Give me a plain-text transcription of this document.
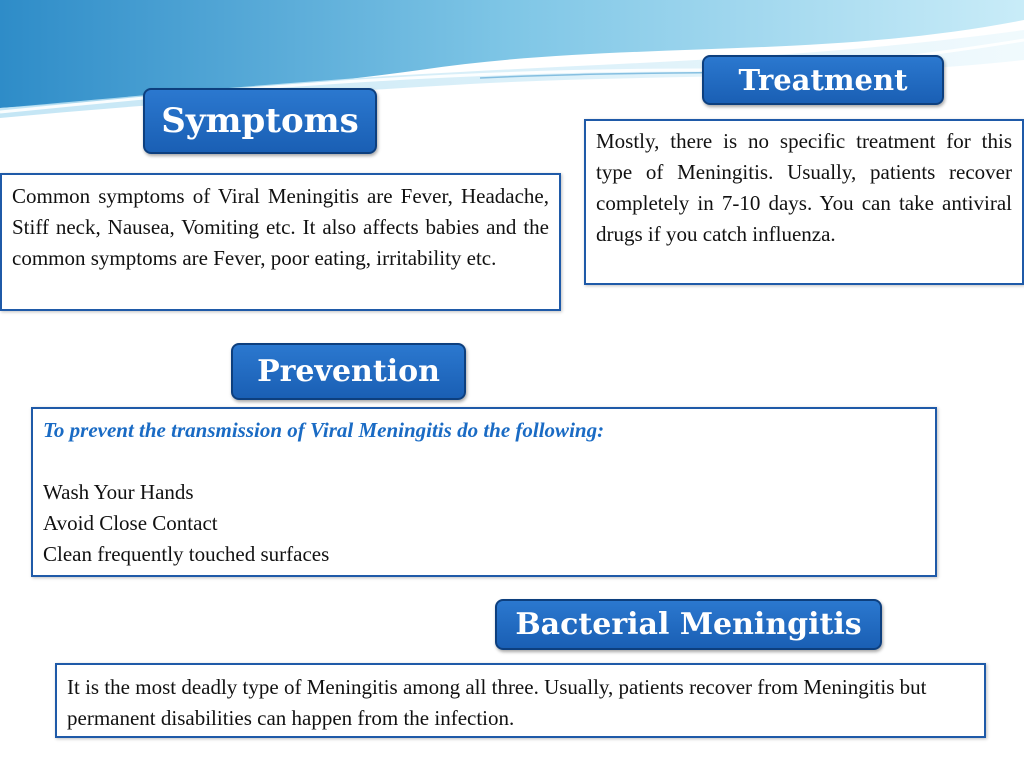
Symptoms
Treatment
Common symptoms of Viral Meningitis are Fever, Headache, Stiff neck, Nausea, Vomiting etc. It also affects babies and the common symptoms are Fever, poor eating, irritability etc.
Mostly, there is no specific treatment for this type of Meningitis. Usually, patients recover completely in 7-10 days. You can take antiviral drugs if you catch influenza.
Prevention
To prevent the transmission of Viral Meningitis do the following:
Wash Your Hands
Avoid Close Contact
Clean frequently touched surfaces
Bacterial Meningitis
It is the most deadly type of Meningitis among all three. Usually, patients recover from Meningitis but permanent disabilities can happen from the infection.
